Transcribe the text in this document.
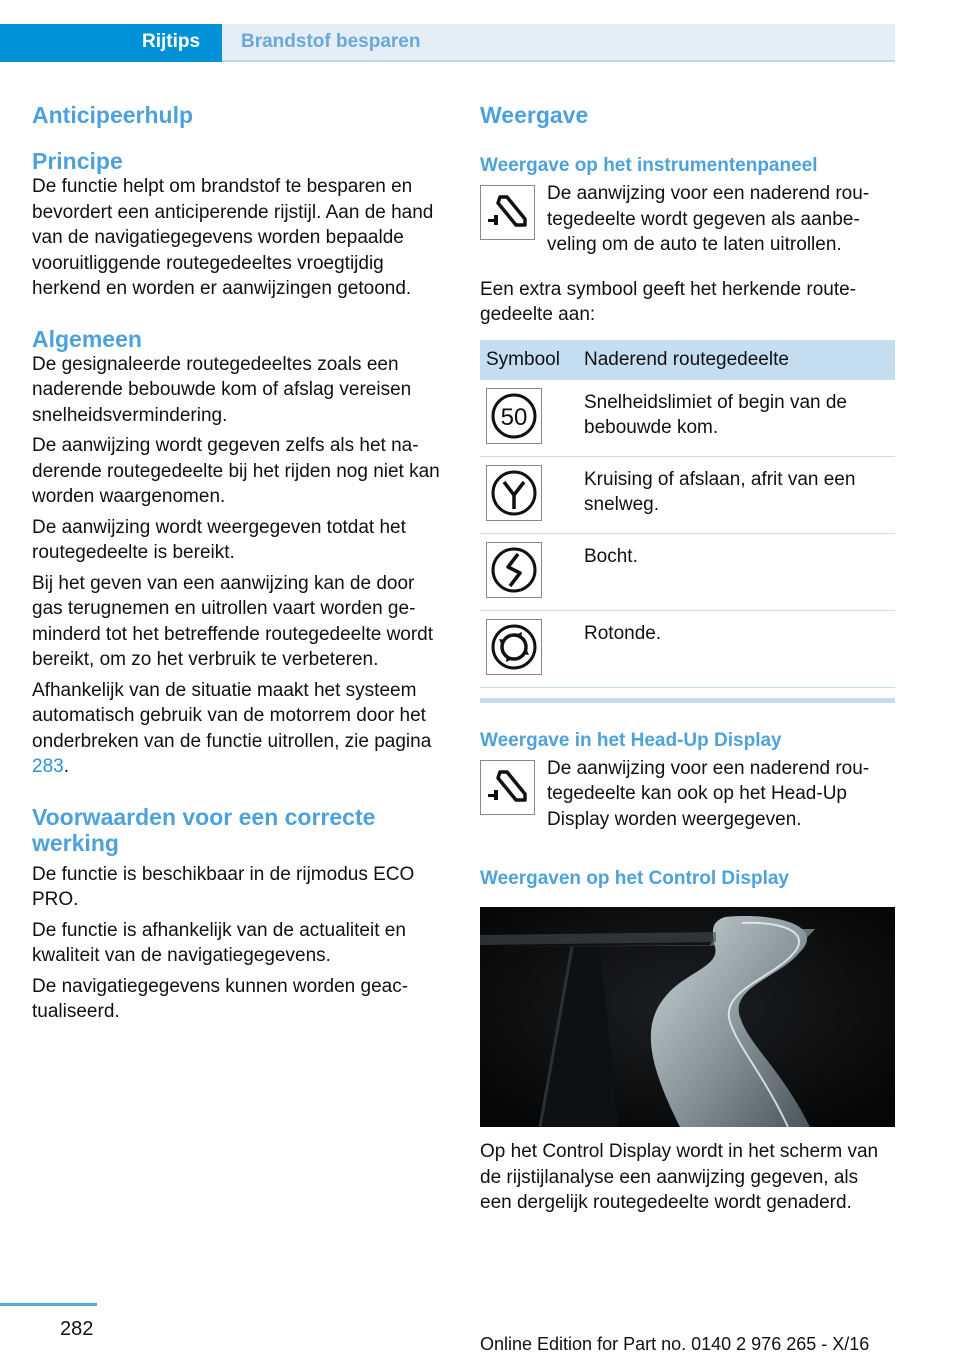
Rijtips Brandstof besparen
Anticipeerhulp
Principe

De functie helpt om brandstof te besparen en bevordert een anticiperende rijstijl. Aan de hand van de navigatiegegevens worden bepaalde vooruitliggende routegedeeltes vroegtijdig herkend en worden er aanwijzingen getoond.

Algemeen

De gesignaleerde routegedeeltes zoals een naderende bebouwde kom of afslag vereisen snelheidsvermindering.

De aanwijzing wordt gegeven zelfs als het naderende routegedeelte bij het rijden nog niet kan worden waargenomen.

De aanwijzing wordt weergegeven totdat het routegedeelte is bereikt.

Bij het geven van een aanwijzing kan de door gas terugnemen en uitrollen vaart worden geminderd tot het betreffende routegedeelte wordt bereikt, om zo het verbruik te verbeteren.

Afhankelijk van de situatie maakt het systeem automatisch gebruik van de motorrem door het onderbreken van de functie uitrollen, zie pagina 283.

Voorwaarden voor een correcte werking

De functie is beschikbaar in de rijmodus ECO PRO.

De functie is afhankelijk van de actualiteit en kwaliteit van de navigatiegegevens.

De navigatiegegevens kunnen worden geactualiseerd.

Weergave
Weergave op het instrumentenpaneel

De aanwijzing voor een naderend routegedeelte wordt gegeven als aanbeveling om de auto te laten uitrollen.

Een extra symbool geeft het herkende routegedeelte aan:

Symbool	Naderend routegedeelte

50	Snelheidslimiet of begin van de bebouwde kom.

	Kruising of afslaan, afrit van een snelweg.

	Bocht.

	Rotonde.
Weergave in het Head-Up Display

De aanwijzing voor een naderend routegedeelte kan ook op het Head-Up Display worden weergegeven.

Weergaven op het Control Display

Op het Control Display wordt in het scherm van de rijstijlanalyse een aanwijzing gegeven, als een dergelijk routegedeelte wordt genaderd.

282
Online Edition for Part no. 0140 2 976 265 - X/16
